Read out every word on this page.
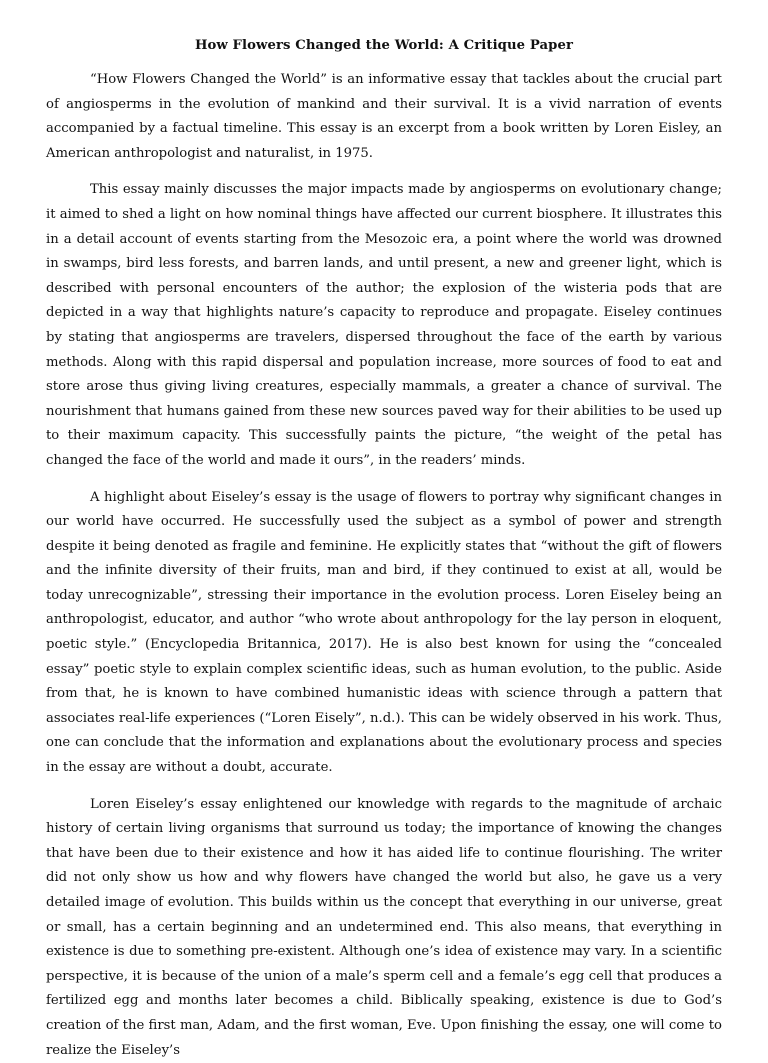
How Flowers Changed the World: A Critique Paper

“How Flowers Changed the World” is an informative essay that tackles about the crucial part of angiosperms in the evolution of mankind and their survival. It is a vivid narration of events accompanied by a factual timeline. This essay is an excerpt from a book written by Loren Eisley, an American anthropologist and naturalist, in 1975.

This essay mainly discusses the major impacts made by angiosperms on evolutionary change; it aimed to shed a light on how nominal things have affected our current biosphere. It illustrates this in a detail account of events starting from the Mesozoic era, a point where the world was drowned in swamps, bird less forests, and barren lands, and until present, a new and greener light, which is described with personal encounters of the author; the explosion of the wisteria pods that are depicted in a way that highlights nature’s capacity to reproduce and propagate. Eiseley continues by stating that angiosperms are travelers, dispersed throughout the face of the earth by various methods. Along with this rapid dispersal and population increase, more sources of food to eat and store arose thus giving living creatures, especially mammals, a greater a chance of survival. The nourishment that humans gained from these new sources paved way for their abilities to be used up to their maximum capacity. This successfully paints the picture, “the weight of the petal has changed the face of the world and made it ours”, in the readers’ minds.

A highlight about Eiseley’s essay is the usage of flowers to portray why significant changes in our world have occurred. He successfully used the subject as a symbol of power and strength despite it being denoted as fragile and feminine. He explicitly states that “without the gift of flowers and the infinite diversity of their fruits, man and bird, if they continued to exist at all, would be today unrecognizable”, stressing their importance in the evolution process. Loren Eiseley being an anthropologist, educator, and author “who wrote about anthropology for the lay person in eloquent, poetic style.” (Encyclopedia Britannica, 2017). He is also best known for using the “concealed essay” poetic style to explain complex scientific ideas, such as human evolution, to the public. Aside from that, he is known to have combined humanistic ideas with science through a pattern that associates real-life experiences (“Loren Eisely”, n.d.). This can be widely observed in his work. Thus, one can conclude that the information and explanations about the evolutionary process and species in the essay are without a doubt, accurate.

Loren Eiseley’s essay enlightened our knowledge with regards to the magnitude of archaic history of certain living organisms that surround us today; the importance of knowing the changes that have been due to their existence and how it has aided life to continue flourishing. The writer did not only show us how and why flowers have changed the world but also, he gave us a very detailed image of evolution. This builds within us the concept that everything in our universe, great or small, has a certain beginning and an undetermined end. This also means, that everything in existence is due to something pre-existent. Although one’s idea of existence may vary. In a scientific perspective, it is because of the union of a male’s sperm cell and a female’s egg cell that produces a fertilized egg and months later becomes a child. Biblically speaking, existence is due to God’s creation of the first man, Adam, and the first woman, Eve. Upon finishing the essay, one will come to realize the Eiseley’s
